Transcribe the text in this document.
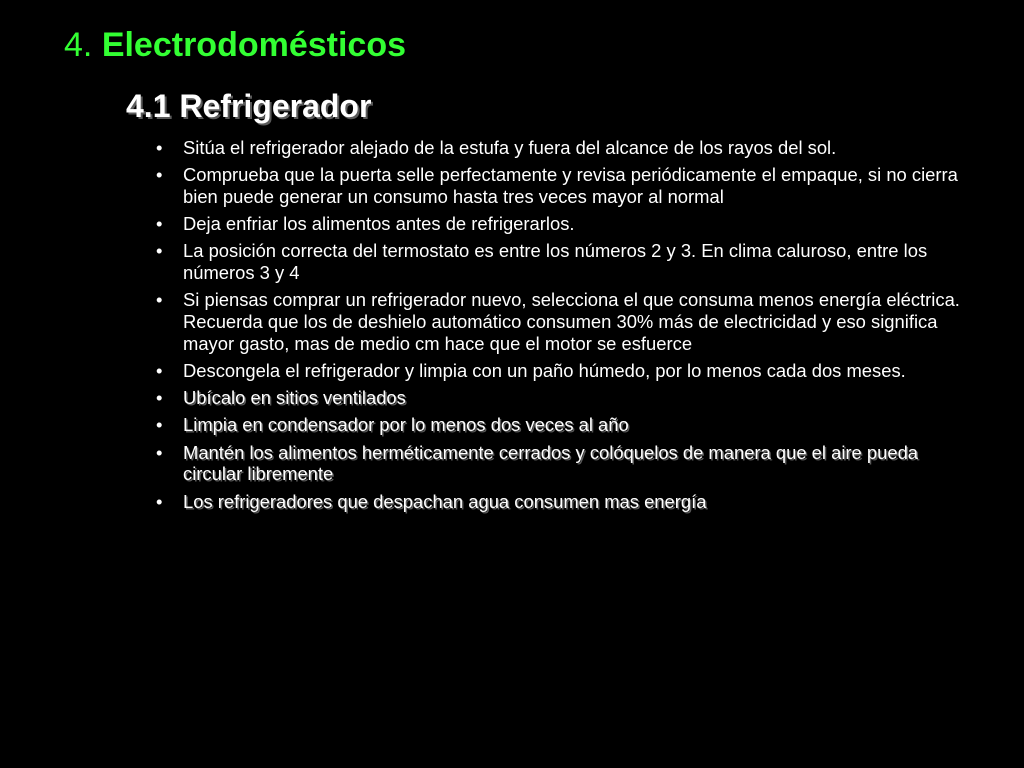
4. Electrodomésticos
4.1 Refrigerador
• Sitúa el refrigerador alejado de la estufa y fuera del alcance de los rayos del sol.
• Comprueba que la puerta selle perfectamente y revisa periódicamente el empaque, si no cierra bien puede generar un consumo hasta tres veces mayor al normal
• Deja enfriar los alimentos antes de refrigerarlos.
• La posición correcta del termostato es entre los números 2 y 3. En clima caluroso, entre los números 3 y 4
• Si piensas comprar un refrigerador nuevo, selecciona el que consuma menos energía eléctrica. Recuerda que los de deshielo automático consumen 30% más de electricidad y eso significa mayor gasto, mas de medio cm hace que el motor se esfuerce
• Descongela el refrigerador y limpia con un paño húmedo, por lo menos cada dos meses.
• Ubícalo en sitios ventilados
• Limpia en condensador por lo menos dos veces al año
• Mantén los alimentos herméticamente cerrados y colóquelos de manera que el aire pueda circular libremente
• Los refrigeradores que despachan agua consumen mas energía
